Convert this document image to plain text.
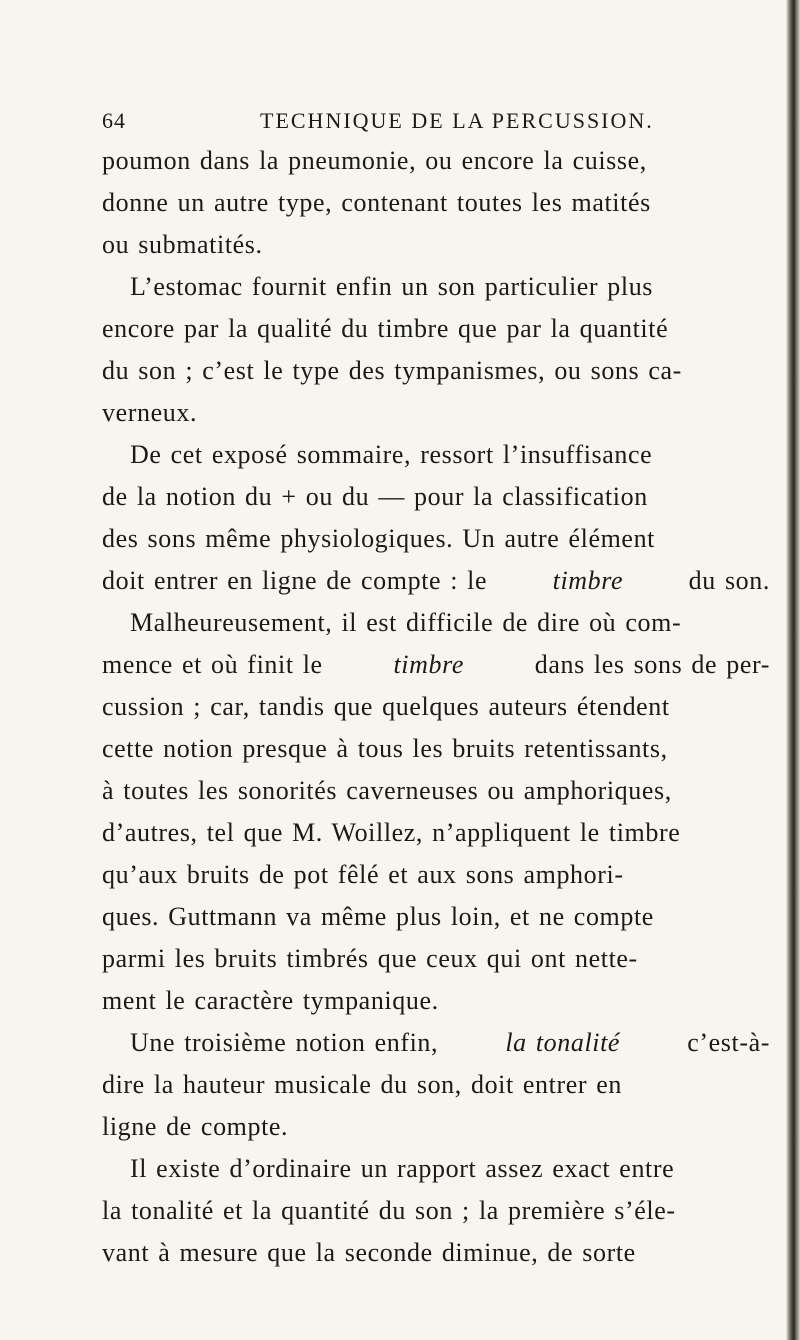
64	TECHNIQUE DE LA PERCUSSION.
poumon dans la pneumonie, ou encore la cuisse,
donne un autre type, contenant toutes les matités
ou submatités.
L’estomac fournit enfin un son particulier plus
encore par la qualité du timbre que par la quantité
du son ; c’est le type des tympanismes, ou sons ca-
verneux.
De cet exposé sommaire, ressort l’insuffisance
de la notion du + ou du — pour la classification
des sons même physiologiques. Un autre élément
doit entrer en ligne de compte : le	timbre	du son.
Malheureusement, il est difficile de dire où com-
mence et où finit le	timbre	dans les sons de per-
cussion ; car, tandis que quelques auteurs étendent
cette notion presque à tous les bruits retentissants,
à toutes les sonorités caverneuses ou amphoriques,
d’autres, tel que M. Woillez, n’appliquent le timbre
qu’aux bruits de pot fêlé et aux sons amphori-
ques. Guttmann va même plus loin, et ne compte
parmi les bruits timbrés que ceux qui ont nette-
ment le caractère tympanique.
Une troisième notion enfin,	la tonalité	c’est-à-
dire la hauteur musicale du son, doit entrer en
ligne de compte.
Il existe d’ordinaire un rapport assez exact entre
la tonalité et la quantité du son ; la première s’éle-
vant à mesure que la seconde diminue, de sorte
